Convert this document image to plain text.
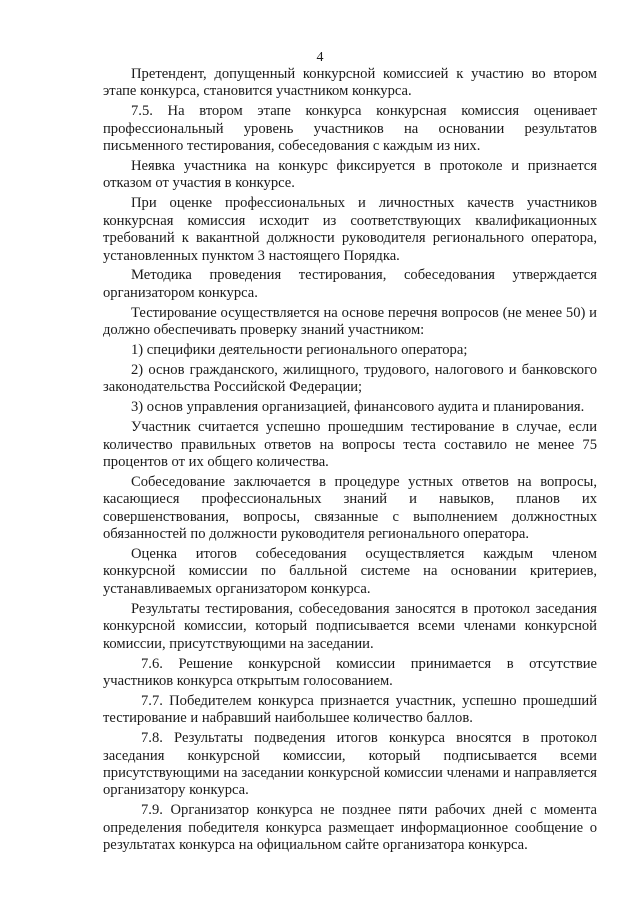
4

Претендент, допущенный конкурсной комиссией к участию во втором этапе конкурса, становится участником конкурса.

7.5. На втором этапе конкурса конкурсная комиссия оценивает профессиональный уровень участников на основании результатов письменного тестирования, собеседования с каждым из них.

Неявка участника на конкурс фиксируется в протоколе и признается отказом от участия в конкурсе.

При оценке профессиональных и личностных качеств участников конкурсная комиссия исходит из соответствующих квалификационных требований к вакантной должности руководителя регионального оператора, установленных пунктом 3 настоящего Порядка.

Методика проведения тестирования, собеседования утверждается организатором конкурса.

Тестирование осуществляется на основе перечня вопросов (не менее 50) и должно обеспечивать проверку знаний участником:

1) специфики деятельности регионального оператора;

2) основ гражданского, жилищного, трудового, налогового и банковского законодательства Российской Федерации;

3) основ управления организацией, финансового аудита и планирования.

Участник считается успешно прошедшим тестирование в случае, если количество правильных ответов на вопросы теста составило не менее 75 процентов от их общего количества.

Собеседование заключается в процедуре устных ответов на вопросы, касающиеся профессиональных знаний и навыков, планов их совершенствования, вопросы, связанные с выполнением должностных обязанностей по должности руководителя регионального оператора.

Оценка итогов собеседования осуществляется каждым членом конкурсной комиссии по балльной системе на основании критериев, устанавливаемых организатором конкурса.

Результаты тестирования, собеседования заносятся в протокол заседания конкурсной комиссии, который подписывается всеми членами конкурсной комиссии, присутствующими на заседании.

7.6. Решение конкурсной комиссии принимается в отсутствие участников конкурса открытым голосованием.

7.7. Победителем конкурса признается участник, успешно прошедший тестирование и набравший наибольшее количество баллов.

7.8. Результаты подведения итогов конкурса вносятся в протокол заседания конкурсной комиссии, который подписывается всеми присутствующими на заседании конкурсной комиссии членами и направляется организатору конкурса.

7.9. Организатор конкурса не позднее пяти рабочих дней с момента определения победителя конкурса размещает информационное сообщение о результатах конкурса на официальном сайте организатора конкурса.
